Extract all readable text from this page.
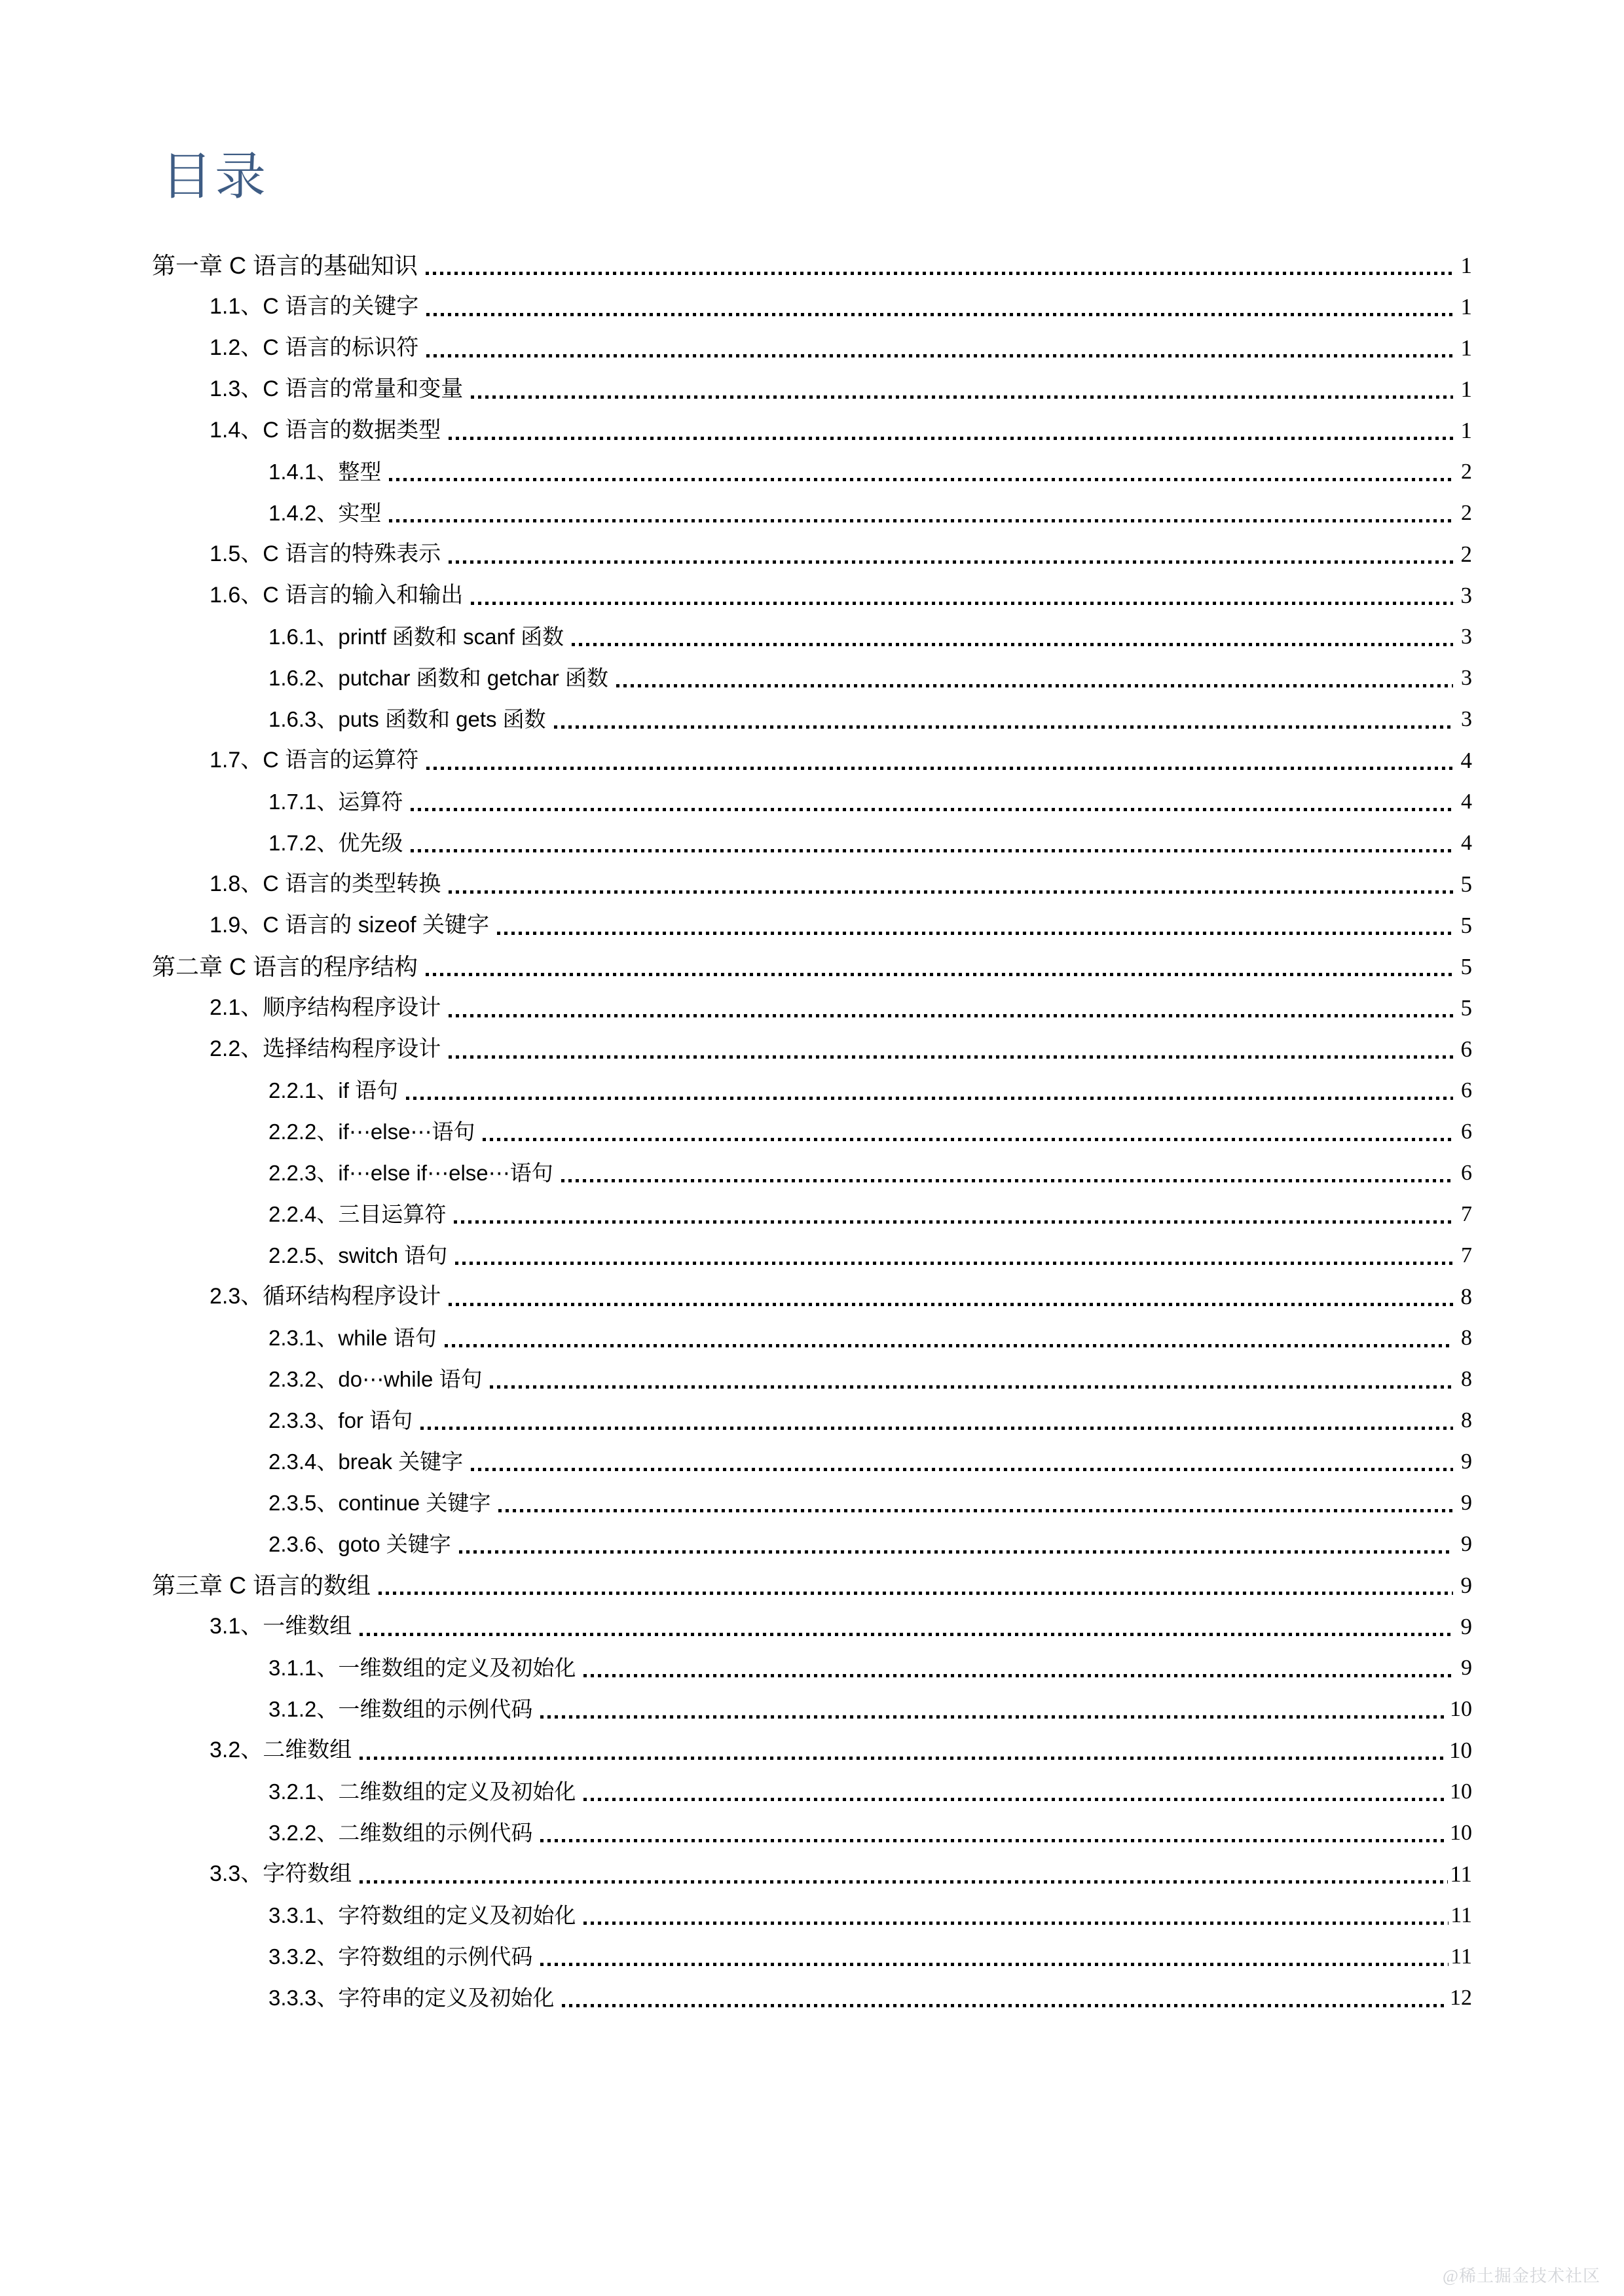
目录
第一章 C 语言的基础知识	1
1.1、C 语言的关键字	1
1.2、C 语言的标识符	1
1.3、C 语言的常量和变量	1
1.4、C 语言的数据类型	1
1.4.1、整型	2
1.4.2、实型	2
1.5、C 语言的特殊表示	2
1.6、C 语言的输入和输出	3
1.6.1、printf 函数和 scanf 函数	3
1.6.2、putchar 函数和 getchar 函数	3
1.6.3、puts 函数和 gets 函数	3
1.7、C 语言的运算符	4
1.7.1、运算符	4
1.7.2、优先级	4
1.8、C 语言的类型转换	5
1.9、C 语言的 sizeof 关键字	5
第二章 C 语言的程序结构	5
2.1、顺序结构程序设计	5
2.2、选择结构程序设计	6
2.2.1、if 语句	6
2.2.2、if⋯else⋯语句	6
2.2.3、if⋯else if⋯else⋯语句	6
2.2.4、三目运算符	7
2.2.5、switch 语句	7
2.3、循环结构程序设计	8
2.3.1、while 语句	8
2.3.2、do⋯while 语句	8
2.3.3、for 语句	8
2.3.4、break 关键字	9
2.3.5、continue 关键字	9
2.3.6、goto 关键字	9
第三章 C 语言的数组	9
3.1、一维数组	9
3.1.1、一维数组的定义及初始化	9
3.1.2、一维数组的示例代码	10
3.2、二维数组	10
3.2.1、二维数组的定义及初始化	10
3.2.2、二维数组的示例代码	10
3.3、字符数组	11
3.3.1、字符数组的定义及初始化	11
3.3.2、字符数组的示例代码	11
3.3.3、字符串的定义及初始化	12
@稀土掘金技术社区
